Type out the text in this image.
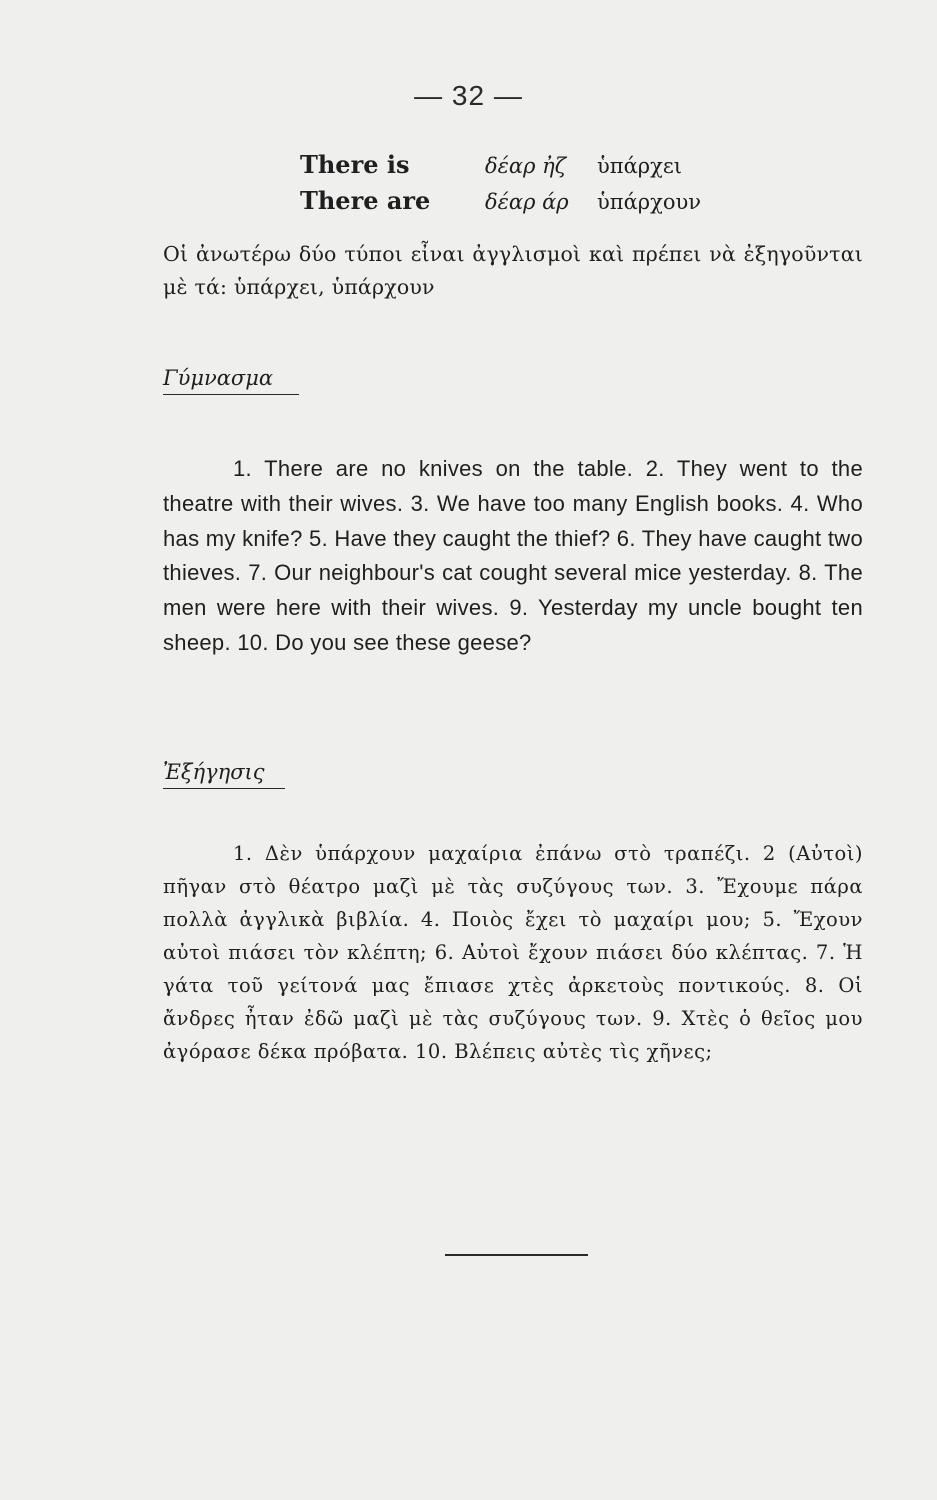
— 32 —
There is	δέαρ ἠζ	ὑπάρχει
There are	δέαρ άρ	ὑπάρχουν

Οἱ ἀνωτέρω δύο τύποι εἶναι ἀγγλισμοὶ καὶ πρέπει νὰ ἐξηγοῦνται μὲ τά: ὑπάρχει, ὑπάρχουν

Γύμνασμα

1. There are no knives on the table. 2. They went to the theatre with their wives. 3. We have too many English books. 4. Who has my knife? 5. Have they caught the thief? 6. They have caught two thieves. 7. Our neighbour's cat cought several mice yesterday. 8. The men were here with their wives. 9. Yesterday my uncle bought ten sheep. 10. Do you see these geese?

Ἐξήγησις

1. Δὲν ὑπάρχουν μαχαίρια ἐπάνω στὸ τραπέζι. 2 (Αὐτοὶ) πῆγαν στὸ θέατρο μαζὶ μὲ τὰς συζύγους των. 3. Ἔχουμε πάρα πολλὰ ἀγγλικὰ βιβλία. 4. Ποιὸς ἔχει τὸ μαχαίρι μου; 5. Ἔχουν αὐτοὶ πιάσει τὸν κλέπτη; 6. Αὐτοὶ ἔχουν πιάσει δύο κλέπτας. 7. Ἡ γάτα τοῦ γείτονά μας ἔπιασε χτὲς ἀρκετοὺς ποντικούς. 8. Οἱ ἄνδρες ἦταν ἐδῶ μαζὶ μὲ τὰς συζύγους των. 9. Χτὲς ὁ θεῖος μου ἀγόρασε δέκα πρόβατα. 10. Βλέπεις αὐτὲς τὶς χῆνες;
